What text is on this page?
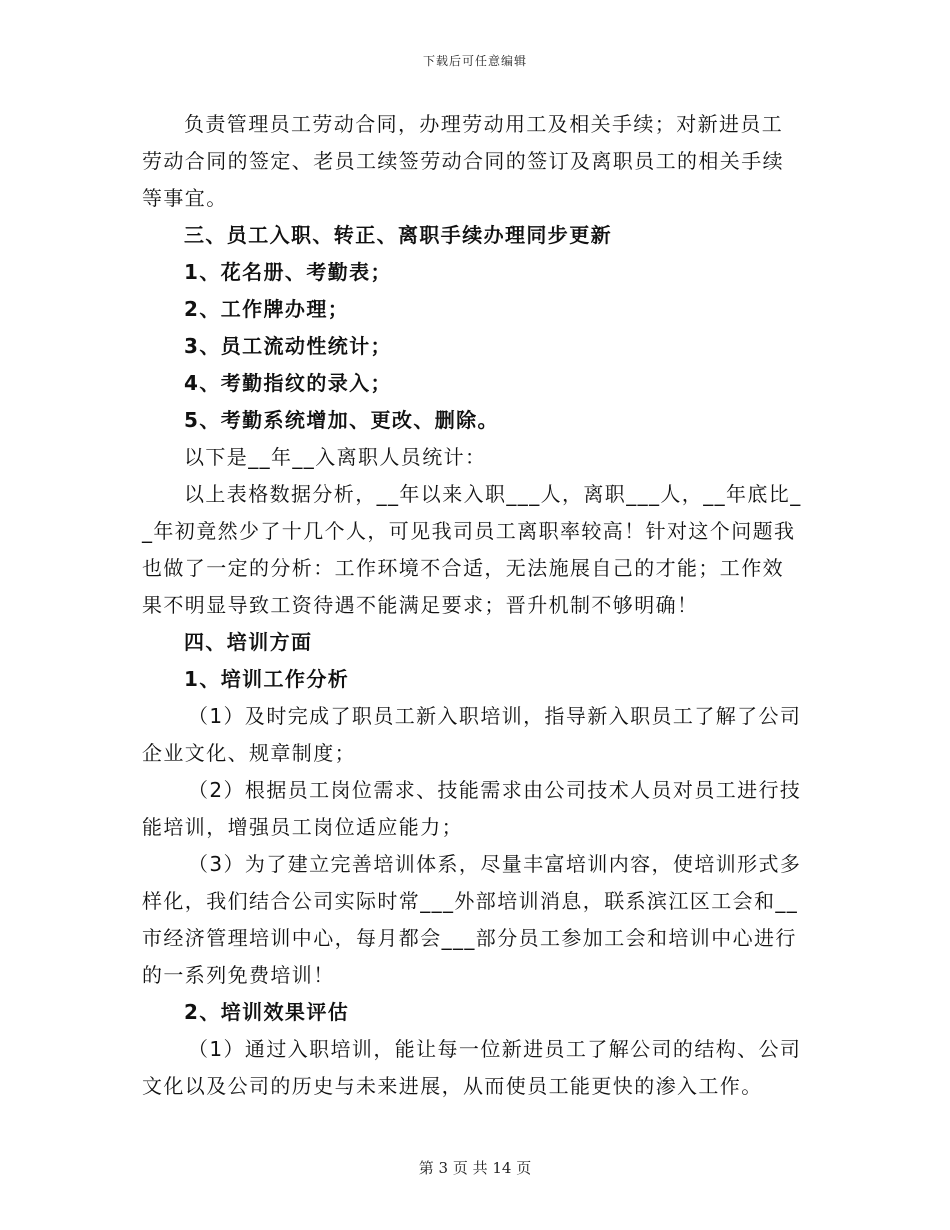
下载后可任意编辑
负责管理员工劳动合同，办理劳动用工及相关手续；对新进员工
劳动合同的签定、老员工续签劳动合同的签订及离职员工的相关手续
等事宜。
三、员工入职、转正、离职手续办理同步更新
1、花名册、考勤表；
2、工作牌办理；
3、员工流动性统计；
4、考勤指纹的录入；
5、考勤系统增加、更改、删除。
以下是__年__入离职人员统计：
以上表格数据分析，__年以来入职___人，离职___人，__年底比_
_年初竟然少了十几个人，可见我司员工离职率较高！针对这个问题我
也做了一定的分析：工作环境不合适，无法施展自己的才能；工作效
果不明显导致工资待遇不能满足要求；晋升机制不够明确！
四、培训方面
1、培训工作分析
（1）及时完成了职员工新入职培训，指导新入职员工了解了公司
企业文化、规章制度；
（2）根据员工岗位需求、技能需求由公司技术人员对员工进行技
能培训，增强员工岗位适应能力；
（3）为了建立完善培训体系，尽量丰富培训内容，使培训形式多
样化，我们结合公司实际时常___外部培训消息，联系滨江区工会和__
市经济管理培训中心，每月都会___部分员工参加工会和培训中心进行
的一系列免费培训！
2、培训效果评估
（1）通过入职培训，能让每一位新进员工了解公司的结构、公司
文化以及公司的历史与未来进展，从而使员工能更快的渗入工作。
第 3 页 共 14 页
